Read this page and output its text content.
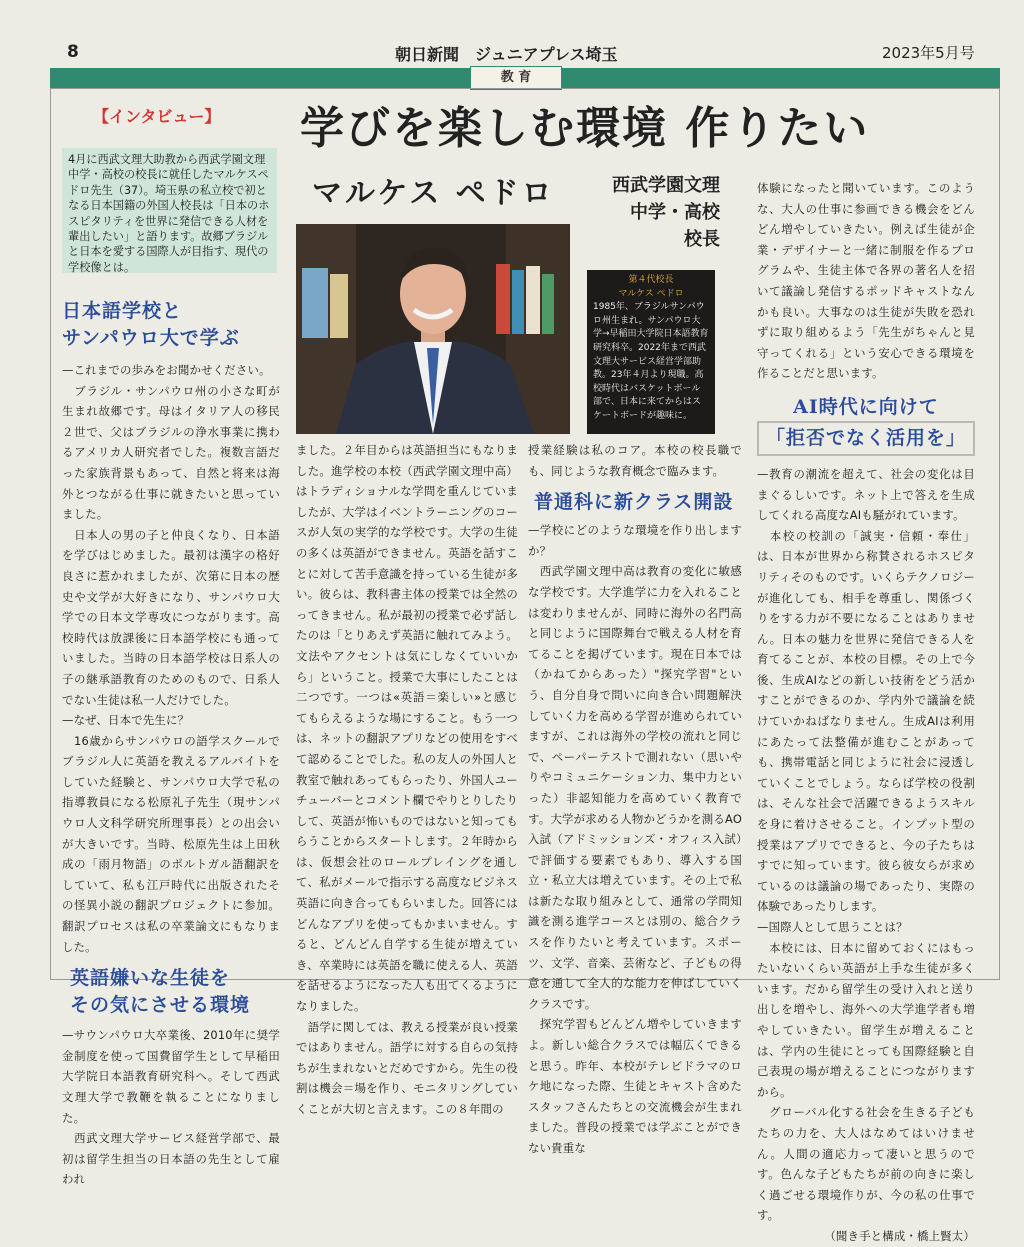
8	朝日新聞　ジュニアプレス埼玉	2023年5月号
教 育
【インタビュー】 学びを楽しむ環境 作りたい
マルケス ペドロ	西武学園文理
中学・高校
校長
4月に西武文理大助教から西武学園文理中学・高校の校長に就任したマルケスペドロ先生（37）。埼玉県の私立校で初となる日本国籍の外国人校長は「日本のホスピタリティを世界に発信できる人材を輩出したい」と語ります。故郷ブラジルと日本を愛する国際人が目指す、現代の学校像とは。
第４代校長
マルケス ペドロ
1985年、ブラジルサンパウロ州生まれ。サンパウロ大学→早稲田大学院日本語教育研究科卒。2022年まで西武文理大サービス経営学部助教。23年４月より現職。高校時代はバスケットボール部で、日本に来てからはスケートボードが趣味に。
日本語学校と
サンパウロ大で学ぶ

—これまでの歩みをお聞かせください。
　ブラジル・サンパウロ州の小さな町が生まれ故郷です。母はイタリア人の移民２世で、父はブラジルの浄水事業に携わるアメリカ人研究者でした。複数言語だった家族背景もあって、自然と将来は海外とつながる仕事に就きたいと思っていました。
　日本人の男の子と仲良くなり、日本語を学びはじめました。最初は漢字の格好良さに惹かれましたが、次第に日本の歴史や文学が大好きになり、サンパウロ大学での日本文学専攻につながります。高校時代は放課後に日本語学校にも通っていました。当時の日本語学校は日系人の子の継承語教育のためのもので、日系人でない生徒は私一人だけでした。
—なぜ、日本で先生に？
　16歳からサンパウロの語学スクールでブラジル人に英語を教えるアルバイトをしていた経験と、サンパウロ大学で私の指導教員になる松原礼子先生（現サンパウロ人文科学研究所理事長）との出会いが大きいです。当時、松原先生は上田秋成の「雨月物語」のポルトガル語翻訳をしていて、私も江戸時代に出版されたその怪異小説の翻訳プロジェクトに参加。翻訳プロセスは私の卒業論文にもなりました。

英語嫌いな生徒を
その気にさせる環境

—サウンパウロ大卒業後、2010年に奨学金制度を使って国費留学生として早稲田大学院日本語教育研究科へ。そして西武文理大学で教鞭を執ることになりました。
　西武文理大学サービス経営学部で、最初は留学生担当の日本語の先生として雇われ

ました。２年目からは英語担当にもなりました。進学校の本校（西武学園文理中高）はトラディショナルな学問を重んじていましたが、大学はイベントラーニングのコースが人気の実学的な学校です。大学の生徒の多くは英語ができません。英語を話すことに対して苦手意識を持っている生徒が多い。彼らは、教科書主体の授業では全然のってきません。私が最初の授業で必ず話したのは「とりあえず英語に触れてみよう。文法やアクセントは気にしなくていいから」ということ。授業で大事にしたことは二つです。一つは«英語＝楽しい»と感じてもらえるような場にすること。もう一つは、ネットの翻訳アプリなどの使用をすべて認めることでした。私の友人の外国人と教室で触れあってもらったり、外国人ユーチューバーとコメント欄でやりとりしたりして、英語が怖いものではないと知ってもらうことからスタートします。２年時からは、仮想会社のロールプレイングを通して、私がメールで指示する高度なビジネス英語に向き合ってもらいました。回答にはどんなアプリを使ってもかまいません。すると、どんどん自学する生徒が増えていき、卒業時には英語を職に使える人、英語を話せるようになった人も出てくるようになりました。
　語学に関しては、教える授業が良い授業ではありません。語学に対する自らの気持ちが生まれないとだめですから。先生の役割は機会＝場を作り、モニタリングしていくことが大切と言えます。この８年間の

授業経験は私のコア。本校の校長職でも、同じような教育概念で臨みます。

普通科に新クラス開設

—学校にどのような環境を作り出しますか？
　西武学園文理中高は教育の変化に敏感な学校です。大学進学に力を入れることは変わりませんが、同時に海外の名門高と同じように国際舞台で戦える人材を育てることを掲げています。現在日本では（かねてからあった）"探究学習"という、自分自身で問いに向き合い問題解決していく力を高める学習が進められていますが、これは海外の学校の流れと同じで、ペーパーテストで測れない（思いやりやコミュニケーション力、集中力といった）非認知能力を高めていく教育です。大学が求める人物かどうかを測るAO入試（アドミッションズ・オフィス入試）で評価する要素でもあり、導入する国立・私立大は増えています。その上で私は新たな取り組みとして、通常の学問知識を測る進学コースとは別の、総合クラスを作りたいと考えています。スポーツ、文学、音楽、芸術など、子どもの得意を通して全人的な能力を伸ばしていくクラスです。
　探究学習もどんどん増やしていきますよ。新しい総合クラスでは幅広くできると思う。昨年、本校がテレビドラマのロケ地になった際、生徒とキャスト含めたスタッフさんたちとの交流機会が生まれました。普段の授業では学ぶことができない貴重な

体験になったと聞いています。このような、大人の仕事に参画できる機会をどんどん増やしていきたい。例えば生徒が企業・デザイナーと一緒に制服を作るプログラムや、生徒主体で各界の著名人を招いて議論し発信するポッドキャストなんかも良い。大事なのは生徒が失敗を恐れずに取り組めるよう「先生がちゃんと見守ってくれる」という安心できる環境を作ることだと思います。

AI時代に向けて
「拒否でなく活用を」

—教育の潮流を超えて、社会の変化は目まぐるしいです。ネット上で答えを生成してくれる高度なAIも騒がれています。
　本校の校訓の「誠実・信頼・奉仕」は、日本が世界から称賛されるホスピタリティそのものです。いくらテクノロジーが進化しても、相手を尊重し、関係づくりをする力が不要になることはありません。日本の魅力を世界に発信できる人を育てることが、本校の目標。その上で今後、生成AIなどの新しい技術をどう活かすことができるのか、学内外で議論を続けていかねばなりません。生成AIは利用にあたって法整備が進むことがあっても、携帯電話と同じように社会に浸透していくことでしょう。ならば学校の役割は、そんな社会で活躍できるようスキルを身に着けさせること。インプット型の授業はアプリでできると、今の子たちはすでに知っています。彼ら彼女らが求めているのは議論の場であったり、実際の体験であったりします。
—国際人として思うことは？
　本校には、日本に留めておくにはもったいないくらい英語が上手な生徒が多くいます。だから留学生の受け入れと送り出しを増やし、海外への大学進学者も増やしていきたい。留学生が増えることは、学内の生徒にとっても国際経験と自己表現の場が増えることにつながりますから。
　グローバル化する社会を生きる子どもたちの力を、大人はなめてはいけません。人間の適応力って凄いと思うのです。色んな子どもたちが前の向きに楽しく過ごせる環境作りが、今の私の仕事です。

（聞き手と構成・橋上賢太）
